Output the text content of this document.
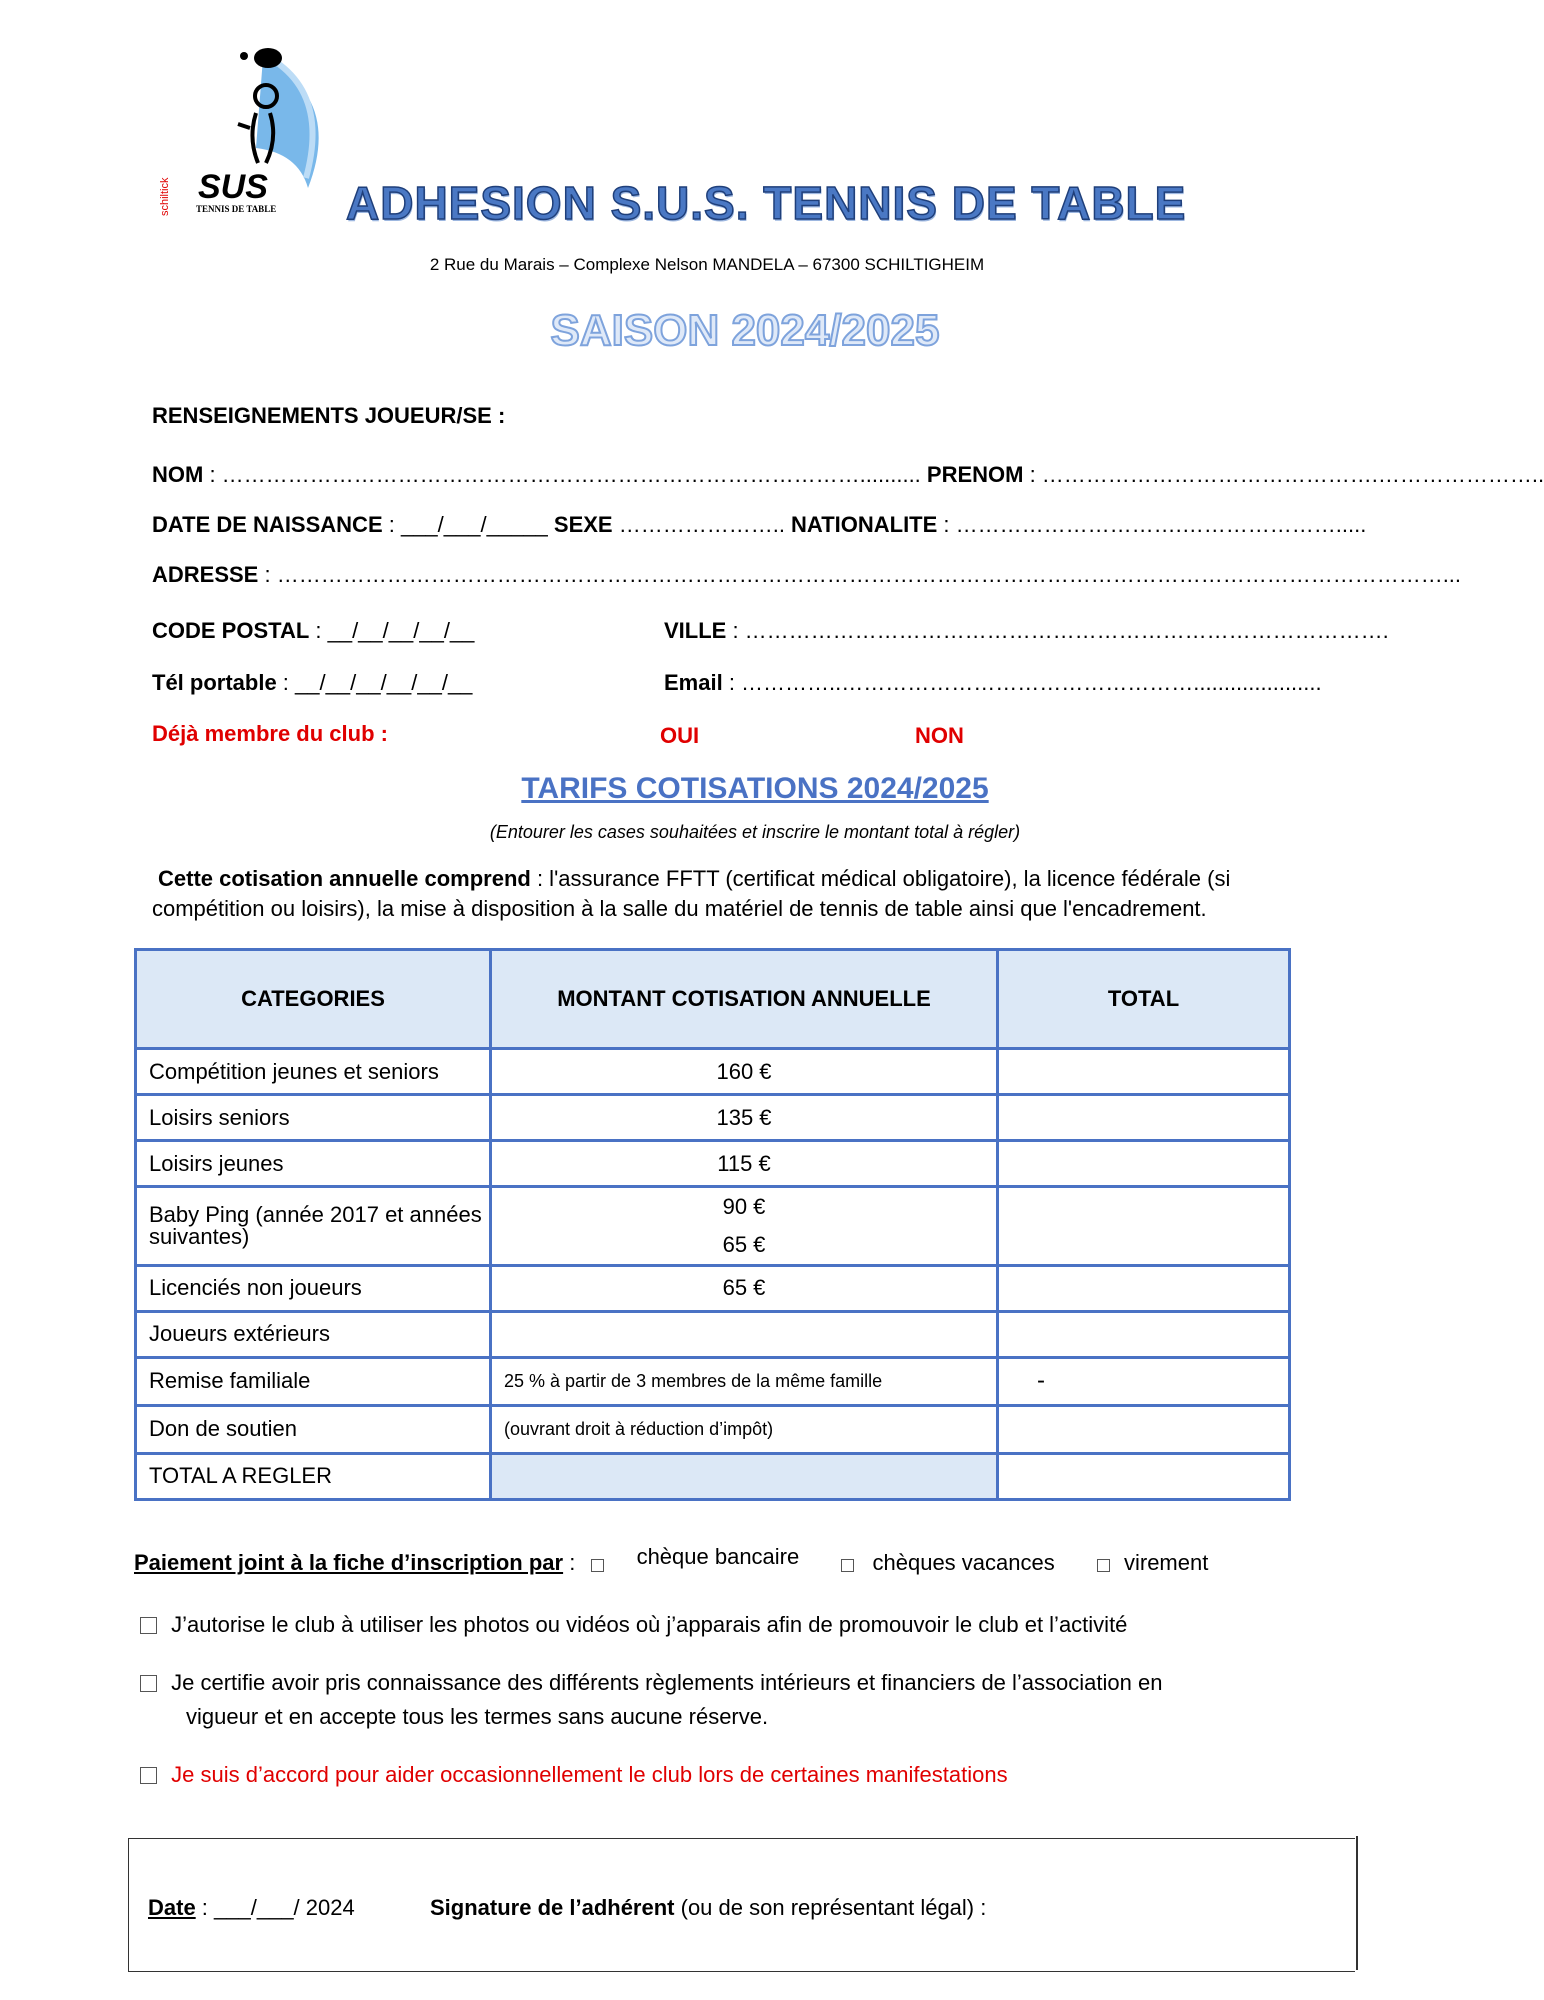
SUS
TENNIS DE TABLE
schiltick	ADHESION S.U.S. TENNIS DE TABLE
2 Rue du Marais – Complexe Nelson MANDELA – 67300 SCHILTIGHEIM
SAISON 2024/2025
RENSEIGNEMENTS JOUEUR/SE :
NOM : …………………………………………………………………………….......... PRENOM : ……………………………………….…………………..
DATE DE NAISSANCE : ___/___/_____ SEXE ………………….. NATIONALITE : ………………………….………………….....
ADRESSE : ……………………………………………………………………………………………………………………………………………...
CODE POSTAL : __/__/__/__/__	VILLE : …………………………………………………………………………….
Tél portable : __/__/__/__/__/__	Email : …………..………………………………………….....................
Déjà membre du club :	OUI	NON
TARIFS COTISATIONS 2024/2025
(Entourer les cases souhaitées et inscrire le montant total à régler)
Cette cotisation annuelle comprend : l'assurance FFTT (certificat médical obligatoire), la licence fédérale (si
compétition ou loisirs), la mise à disposition à la salle du matériel de tennis de table ainsi que l'encadrement.
CATEGORIES	MONTANT COTISATION ANNUELLE	TOTAL
Compétition jeunes et seniors	160 €	
Loisirs seniors	135 €	
Loisirs jeunes	115 €	
Baby Ping (année 2017 et années suivantes)	90 €
65 €	

Licenciés non joueurs	65 €	
Joueurs extérieurs		
Remise familiale	25 % à partir de 3 membres de la même famille	-
Don de soutien	(ouvrant droit à réduction d’impôt)	
TOTAL A REGLER		
Paiement joint à la fiche d’inscription par :	chèque bancaire	chèques vacances	virement
J’autorise le club à utiliser les photos ou vidéos où j’apparais afin de promouvoir le club et l’activité
Je certifie avoir pris connaissance des différents règlements intérieurs et financiers de l’association en
vigueur et en accepte tous les termes sans aucune réserve.
Je suis d’accord pour aider occasionnellement le club lors de certaines manifestations
Date : ___/___/ 2024	Signature de l’adhérent (ou de son représentant légal) :
